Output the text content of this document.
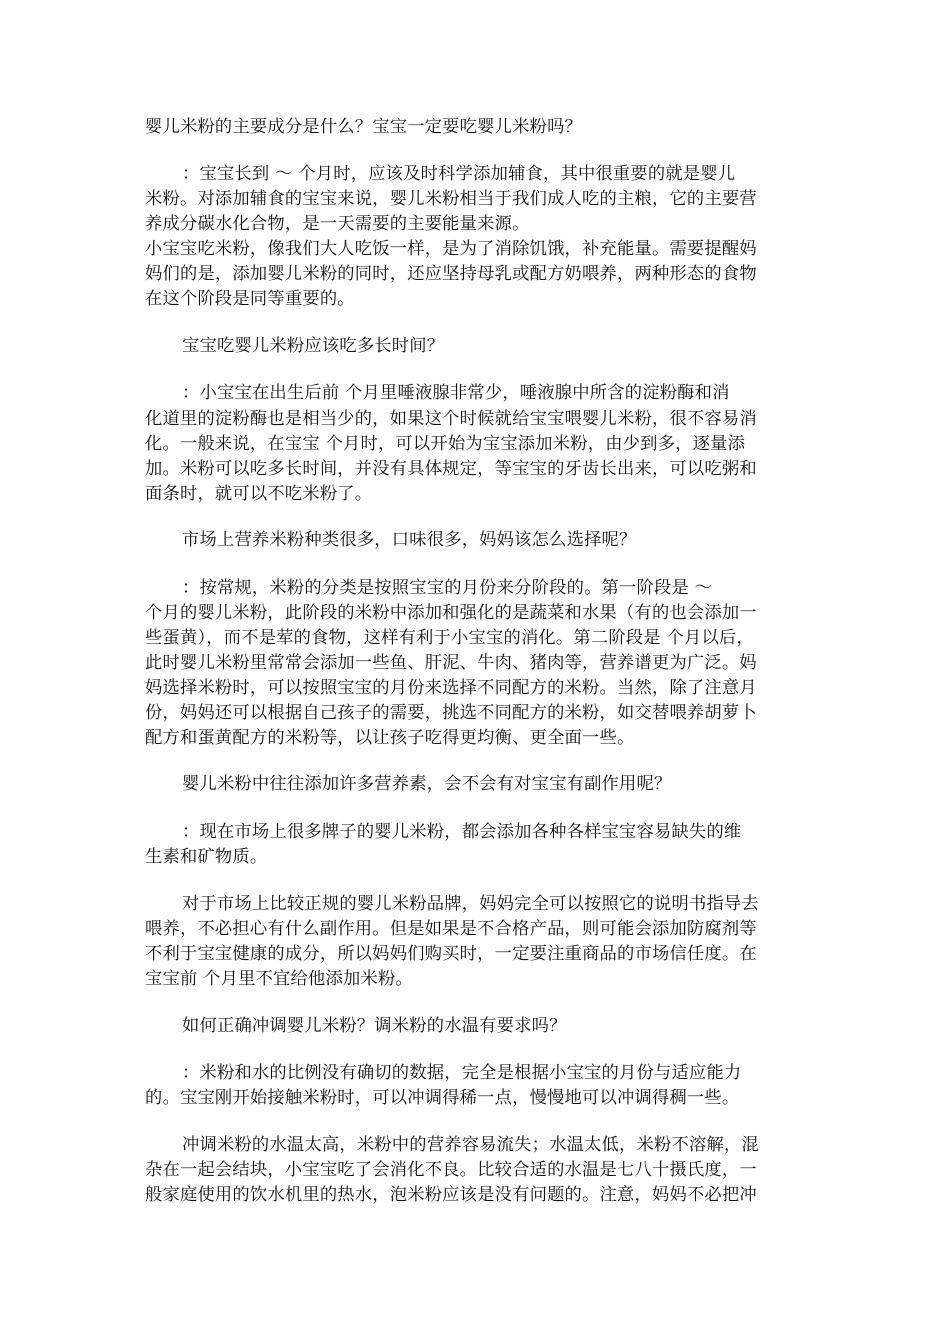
婴儿米粉的主要成分是什么？宝宝一定要吃婴儿米粉吗？
：宝宝长到 ～ 个月时，应该及时科学添加辅食，其中很重要的就是婴儿
米粉。对添加辅食的宝宝来说，婴儿米粉相当于我们成人吃的主粮，它的主要营
养成分碳水化合物，是一天需要的主要能量来源。
小宝宝吃米粉，像我们大人吃饭一样，是为了消除饥饿，补充能量。需要提醒妈
妈们的是，添加婴儿米粉的同时，还应坚持母乳或配方奶喂养，两种形态的食物
在这个阶段是同等重要的。
宝宝吃婴儿米粉应该吃多长时间？
：小宝宝在出生后前 个月里唾液腺非常少，唾液腺中所含的淀粉酶和消
化道里的淀粉酶也是相当少的，如果这个时候就给宝宝喂婴儿米粉，很不容易消
化。一般来说，在宝宝 个月时，可以开始为宝宝添加米粉，由少到多，逐量添
加。米粉可以吃多长时间，并没有具体规定，等宝宝的牙齿长出来，可以吃粥和
面条时，就可以不吃米粉了。
市场上营养米粉种类很多，口味很多，妈妈该怎么选择呢？
：按常规，米粉的分类是按照宝宝的月份来分阶段的。第一阶段是 ～
个月的婴儿米粉，此阶段的米粉中添加和强化的是蔬菜和水果（有的也会添加一
些蛋黄），而不是荤的食物，这样有利于小宝宝的消化。第二阶段是 个月以后，
此时婴儿米粉里常常会添加一些鱼、肝泥、牛肉、猪肉等，营养谱更为广泛。妈
妈选择米粉时，可以按照宝宝的月份来选择不同配方的米粉。当然，除了注意月
份，妈妈还可以根据自己孩子的需要，挑选不同配方的米粉，如交替喂养胡萝卜
配方和蛋黄配方的米粉等，以让孩子吃得更均衡、更全面一些。
婴儿米粉中往往添加许多营养素，会不会有对宝宝有副作用呢？
：现在市场上很多牌子的婴儿米粉，都会添加各种各样宝宝容易缺失的维
生素和矿物质。
对于市场上比较正规的婴儿米粉品牌，妈妈完全可以按照它的说明书指导去
喂养，不必担心有什么副作用。但是如果是不合格产品，则可能会添加防腐剂等
不利于宝宝健康的成分，所以妈妈们购买时，一定要注重商品的市场信任度。在
宝宝前 个月里不宜给他添加米粉。
如何正确冲调婴儿米粉？调米粉的水温有要求吗？
：米粉和水的比例没有确切的数据，完全是根据小宝宝的月份与适应能力
的。宝宝刚开始接触米粉时，可以冲调得稀一点，慢慢地可以冲调得稠一些。
冲调米粉的水温太高，米粉中的营养容易流失；水温太低，米粉不溶解，混
杂在一起会结块，小宝宝吃了会消化不良。比较合适的水温是七八十摄氏度，一
般家庭使用的饮水机里的热水，泡米粉应该是没有问题的。注意，妈妈不必把冲
